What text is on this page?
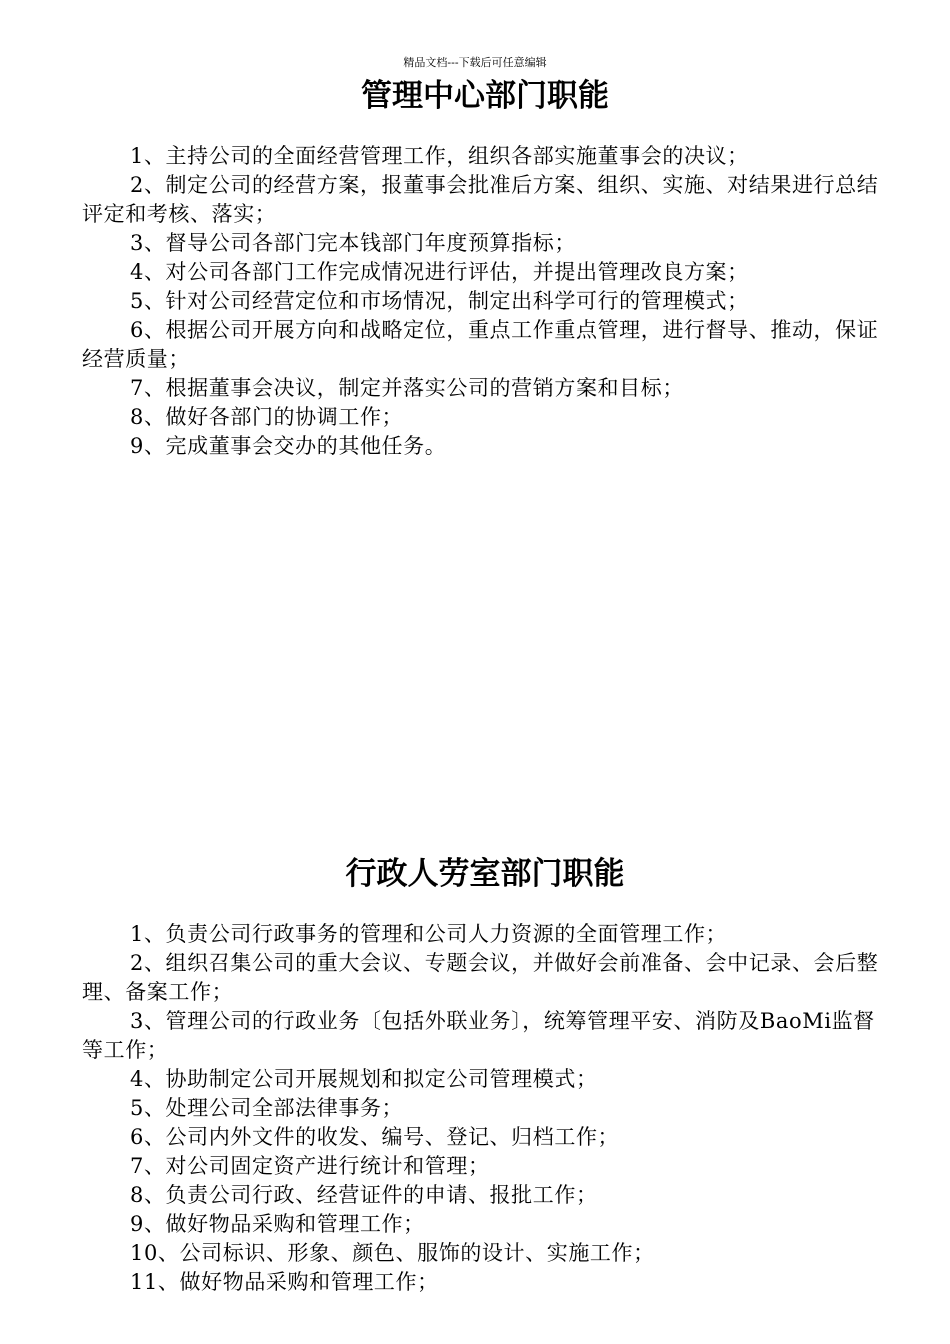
精品文档---下载后可任意编辑
管理中心部门职能
1、主持公司的全面经营管理工作，组织各部实施董事会的决议；
2、制定公司的经营方案，报董事会批准后方案、组织、实施、对结果进行总结评定和考核、落实；
3、督导公司各部门完本钱部门年度预算指标；
4、对公司各部门工作完成情况进行评估，并提出管理改良方案；
5、针对公司经营定位和市场情况，制定出科学可行的管理模式；
6、根据公司开展方向和战略定位，重点工作重点管理，进行督导、推动，保证经营质量；
7、根据董事会决议，制定并落实公司的营销方案和目标；
8、做好各部门的协调工作；
9、完成董事会交办的其他任务。
行政人劳室部门职能
1、负责公司行政事务的管理和公司人力资源的全面管理工作；
2、组织召集公司的重大会议、专题会议，并做好会前准备、会中记录、会后整理、备案工作；
3、管理公司的行政业务〔包括外联业务〕，统筹管理平安、消防及BaoMi监督等工作；
4、协助制定公司开展规划和拟定公司管理模式；
5、处理公司全部法律事务；
6、公司内外文件的收发、编号、登记、归档工作；
7、对公司固定资产进行统计和管理；
8、负责公司行政、经营证件的申请、报批工作；
9、做好物品采购和管理工作；
10、公司标识、形象、颜色、服饰的设计、实施工作；
11、做好物品采购和管理工作；
